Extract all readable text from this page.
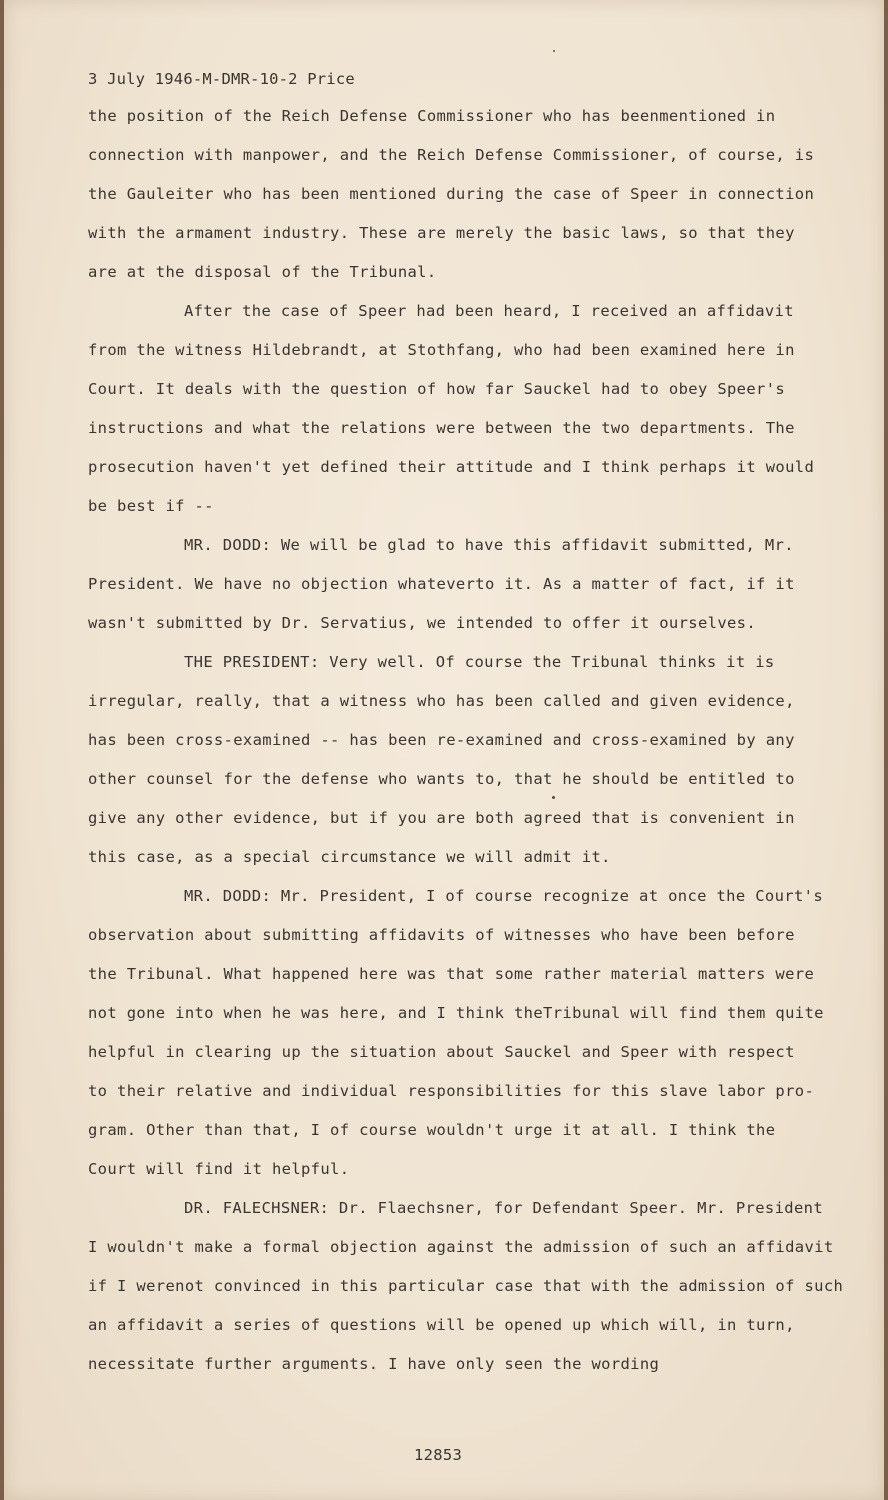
3 July 1946-M-DMR-10-2 Price
the position of the Reich Defense Commissioner who has beenmentioned in
connection with manpower, and the Reich Defense Commissioner, of course, is
the Gauleiter who has been mentioned during the case of Speer in connection
with the armament industry. These are merely the basic laws, so that they
are at the disposal of the Tribunal.
After the case of Speer had been heard, I received an affidavit
from the witness Hildebrandt, at Stothfang, who had been examined here in
Court. It deals with the question of how far Sauckel had to obey Speer's
instructions and what the relations were between the two departments. The
prosecution haven't yet defined their attitude and I think perhaps it would
be best if --
MR. DODD: We will be glad to have this affidavit submitted, Mr.
President. We have no objection whateverto it. As a matter of fact, if it
wasn't submitted by Dr. Servatius, we intended to offer it ourselves.
THE PRESIDENT: Very well. Of course the Tribunal thinks it is
irregular, really, that a witness who has been called and given evidence,
has been cross-examined -- has been re-examined and cross-examined by any
other counsel for the defense who wants to, that he should be entitled to
give any other evidence, but if you are both agreed that is convenient in
this case, as a special circumstance we will admit it.
MR. DODD: Mr. President, I of course recognize at once the Court's
observation about submitting affidavits of witnesses who have been before
the Tribunal. What happened here was that some rather material matters were
not gone into when he was here, and I think theTribunal will find them quite
helpful in clearing up the situation about Sauckel and Speer with respect
to their relative and individual responsibilities for this slave labor pro-
gram. Other than that, I of course wouldn't urge it at all. I think the
Court will find it helpful.
DR. FALECHSNER: Dr. Flaechsner, for Defendant Speer. Mr. President
I wouldn't make a formal objection against the admission of such an affidavit
if I werenot convinced in this particular case that with the admission of such
an affidavit a series of questions will be opened up which will, in turn,
necessitate further arguments. I have only seen the wording
12853
